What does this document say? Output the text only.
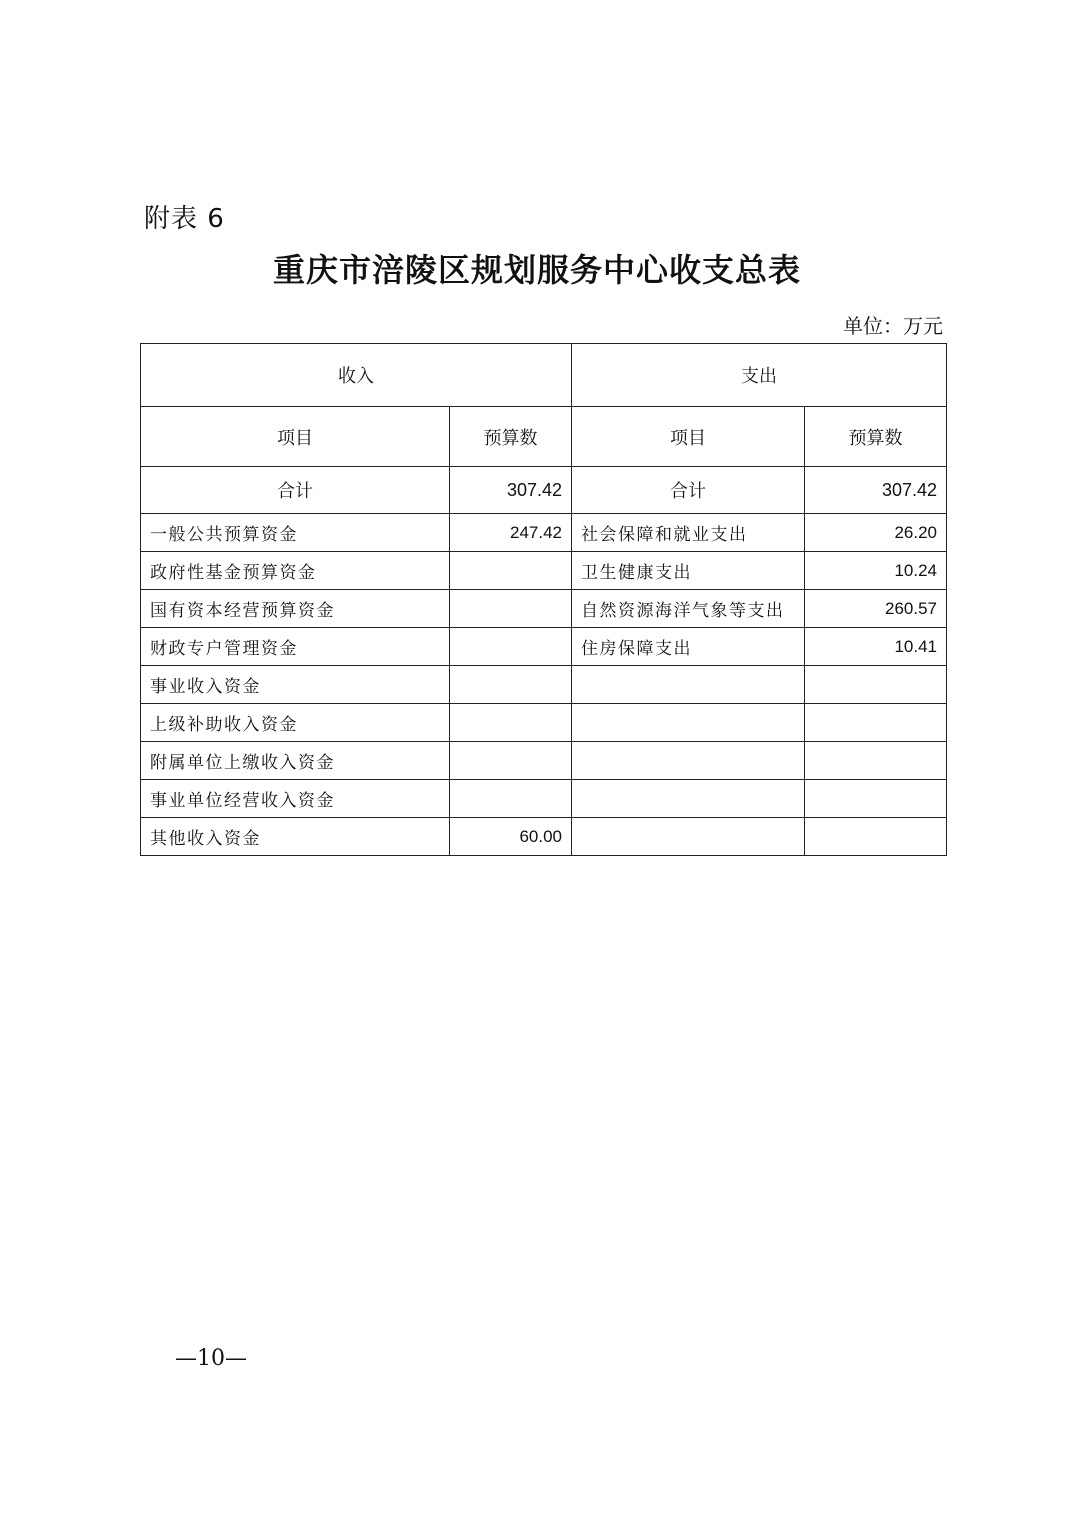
附表 6
重庆市涪陵区规划服务中心收支总表
单位：万元
收入		支出	
项目	预算数	项目	预算数
合计	307.42	合计	307.42
一般公共预算资金	247.42	社会保障和就业支出	26.20
政府性基金预算资金		卫生健康支出	10.24
国有资本经营预算资金		自然资源海洋气象等支出	260.57
财政专户管理资金		住房保障支出	10.41
事业收入资金			
上级补助收入资金			
附属单位上缴收入资金			
事业单位经营收入资金			
其他收入资金	60.00		
—10—
